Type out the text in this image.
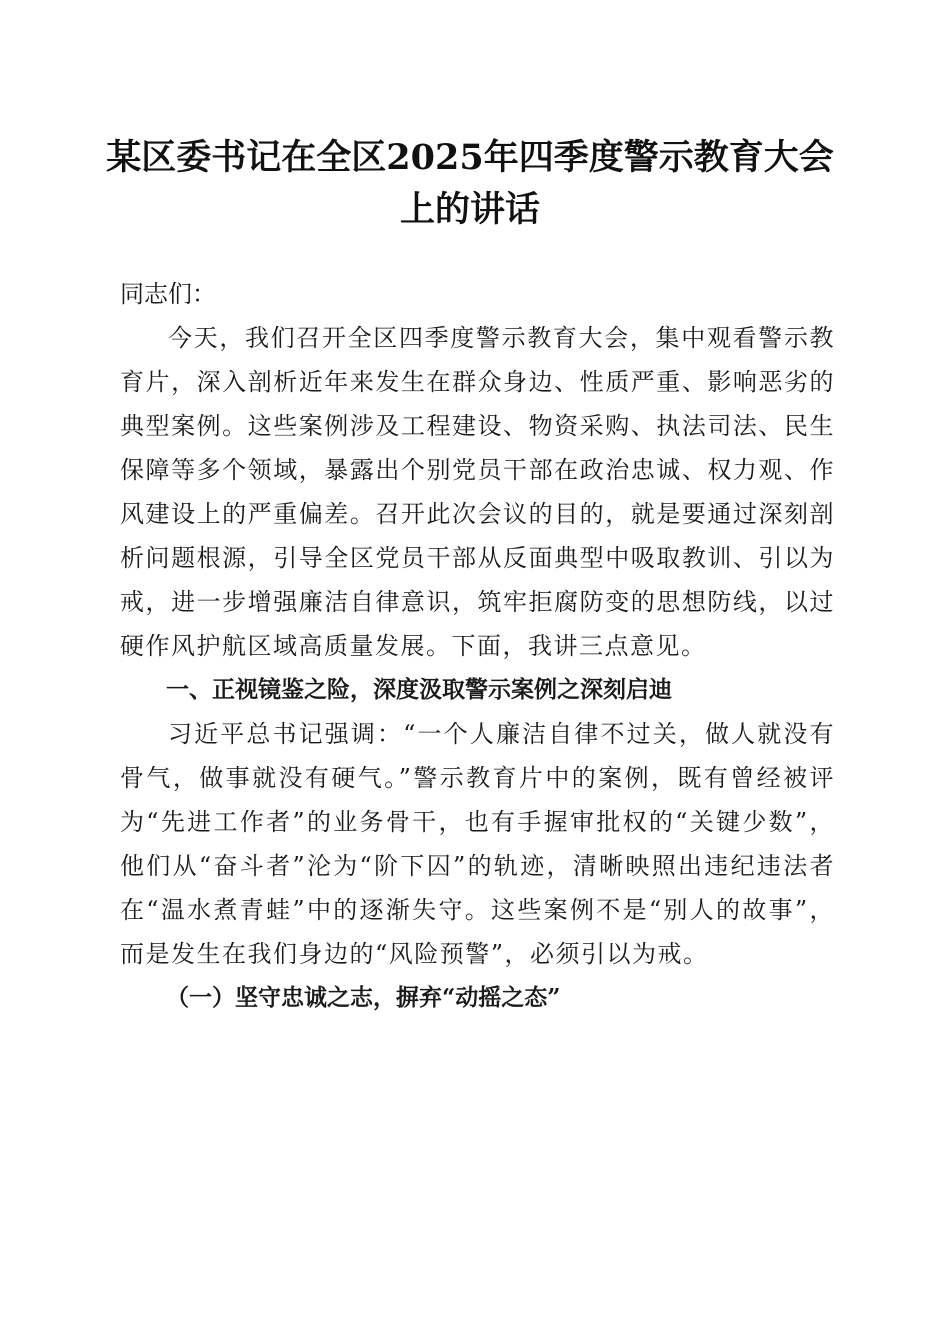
某区委书记在全区2025年四季度警示教育大会上的讲话

同志们：

今天，我们召开全区四季度警示教育大会，集中观看警示教育片，深入剖析近年来发生在群众身边、性质严重、影响恶劣的典型案例。这些案例涉及工程建设、物资采购、执法司法、民生保障等多个领域，暴露出个别党员干部在政治忠诚、权力观、作风建设上的严重偏差。召开此次会议的目的，就是要通过深刻剖析问题根源，引导全区党员干部从反面典型中吸取教训、引以为戒，进一步增强廉洁自律意识，筑牢拒腐防变的思想防线，以过硬作风护航区域高质量发展。下面，我讲三点意见。

一、正视镜鉴之险，深度汲取警示案例之深刻启迪

习近平总书记强调：“一个人廉洁自律不过关，做人就没有骨气，做事就没有硬气。”警示教育片中的案例，既有曾经被评为“先进工作者”的业务骨干，也有手握审批权的“关键少数”，他们从“奋斗者”沦为“阶下囚”的轨迹，清晰映照出违纪违法者在“温水煮青蛙”中的逐渐失守。这些案例不是“别人的故事”，而是发生在我们身边的“风险预警”，必须引以为戒。

（一）坚守忠诚之志，摒弃“动摇之态”
